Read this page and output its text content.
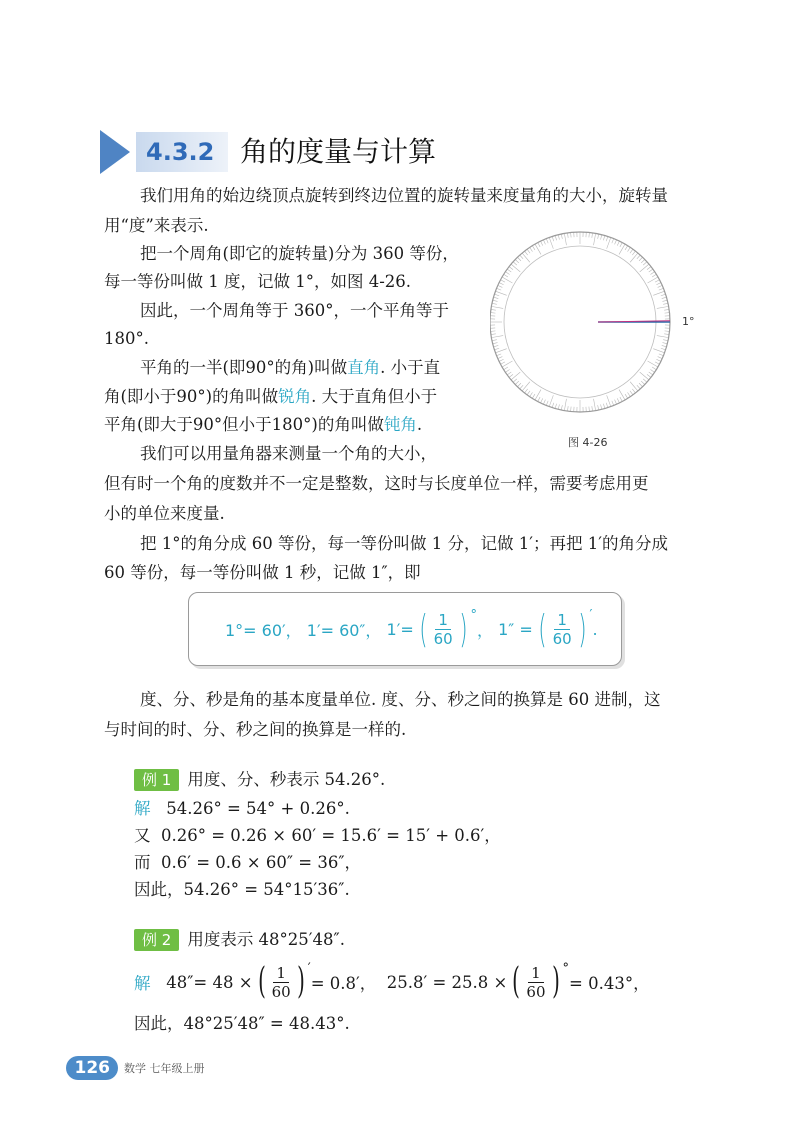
4.3.2 角的度量与计算
我们用角的始边绕顶点旋转到终边位置的旋转量来度量角的大小，旋转量
用“度”来表示.
把一个周角(即它的旋转量)分为 360 等份，
每一等份叫做 1 度，记做 1°，如图 4-26.
因此，一个周角等于 360°，一个平角等于
180°.
平角的一半(即90°的角)叫做直角. 小于直
角(即小于90°)的角叫做锐角. 大于直角但小于
平角(即大于90°但小于180°)的角叫做钝角.
我们可以用量角器来测量一个角的大小，
但有时一个角的度数并不一定是整数，这时与长度单位一样，需要考虑用更
小的单位来度量.
把 1°的角分成 60 等份，每一等份叫做 1 分，记做 1′；再把 1′的角分成
60 等份，每一等份叫做 1 秒，记做 1″，即
1°
图 4-26
1°= 60′，
1′= 60″，
1′= ( $\frac{1}{60}$ ) °
，
1″ = ( $\frac{1}{60}$ ) ′
.
度、分、秒是角的基本度量单位. 度、分、秒之间的换算是 60 进制，这
与时间的时、分、秒之间的换算是一样的.
例 1 用度、分、秒表示 54.26°.
解 54.26° = 54° + 0.26°.
又 0.26° = 0.26 × 60′ = 15.6′ = 15′ + 0.6′，
而 0.6′ = 0.6 × 60″ = 36″，
因此，54.26° = 54°15′36″.
例 2 用度表示 48°25′48″.
解
48″= 48 × ( $\frac{1}{60}$ ) ′
= 0.8′，
25.8′ = 25.8 × ( $\frac{1}{60}$ ) °
= 0.43°，
因此，48°25′48″ = 48.43°.
126	数学 七年级上册
